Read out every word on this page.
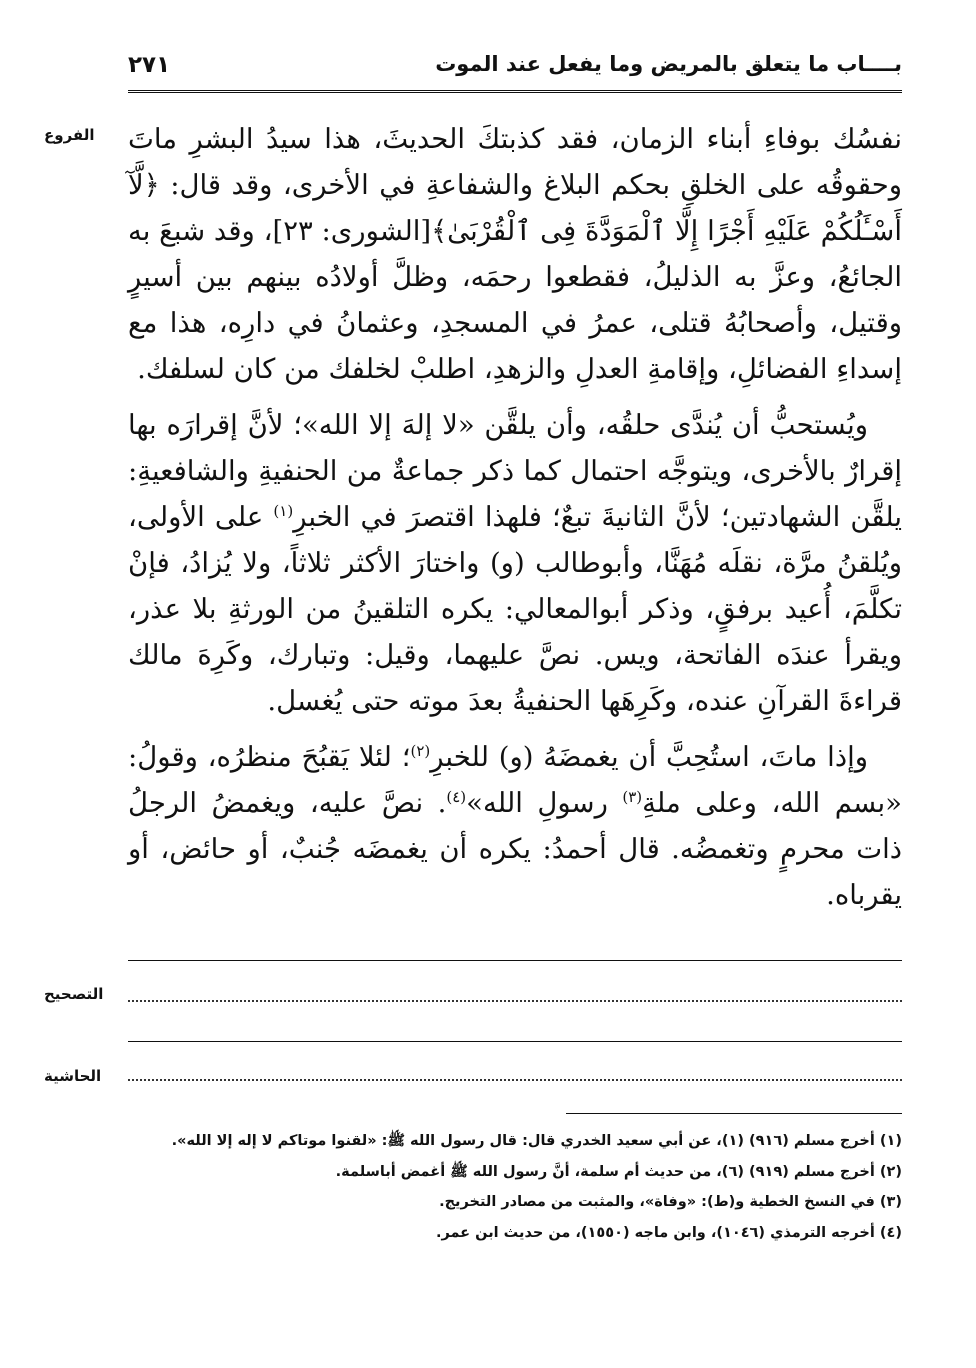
بــــاب ما يتعلق بالمريض وما يفعل عند الموت
٢٧١
الفروع	نفسُك بوفاءِ أبناء الزمان، فقد كذبتكَ الحديثَ، هذا سيدُ البشرِ ماتَ وحقوقُه على الخلقِ بحكم البلاغ والشفاعةِ في الأخرى، وقد قال: ﴿لَّآ أَسْـَٔلُكُمْ عَلَيْهِ أَجْرًا إِلَّا ٱلْمَوَدَّةَ فِى ٱلْقُرْبَىٰ﴾[الشورى: ٢٣]، وقد شبعَ به الجائعُ، وعزَّ به الذليلُ، فقطعوا رحمَه، وظلَّ أولادُه بينهم بين أسيرٍ وقتيل، وأصحابُهُ قتلى، عمرُ في المسجدِ، وعثمانُ في دارِه، هذا مع إسداءِ الفضائلِ، وإقامةِ العدلِ والزهدِ، اطلبْ لخلفك من كان لسلفك.

ويُستحبُّ أن يُندَّى حلقُه، وأن يلقَّن «لا إلهَ إلا الله»؛ لأنَّ إقرارَه بها إقرارٌ بالأخرى، ويتوجَّه احتمال كما ذكر جماعةٌ من الحنفيةِ والشافعيةِ: يلقَّن الشهادتين؛ لأنَّ الثانيةَ تبعٌ؛ فلهذا اقتصرَ في الخبرِ$^{(١)}$ على الأولى، ويُلقنُ مرَّة، نقلَه مُهَنَّا، وأبوطالب (و) واختارَ الأكثر ثلاثاً، ولا يُزادُ، فإنْ تكلَّمَ، أُعيد برفقٍ، وذكر أبوالمعالي: يكره التلقينُ من الورثةِ بلا عذر، ويقرأ عندَه الفاتحة، ويس. نصَّ عليهما، وقيل: وتبارك، وكَرِهَ مالك قراءةَ القرآنِ عنده، وكَرِهَها الحنفيةُ بعدَ موته حتى يُغسل.

وإذا ماتَ، استُحِبَّ أن يغمضَهُ (و) للخبرِ$^{(٢)}$؛ لئلا يَقبُحَ منظرُه، وقولُ: «بسم الله، وعلى ملةِ$^{(٣)}$ رسولِ الله»$^{(٤)}$. نصَّ عليه، ويغمضُ الرجلُ ذات محرمٍ وتغمضُه. قال أحمدُ: يكره أن يغمضَه جُنبٌ، أو حائض، أو يقرباه.

التصحيح
الحاشية
(١) أخرج مسلم (٩١٦) (١)، عن أبي سعيد الخدري قال: قال رسول الله ﷺ: «لقنوا موتاكم لا إله إلا الله».
(٢) أخرج مسلم (٩١٩) (٦)، من حديث أم سلمة، أنَّ رسول الله ﷺ أغمض أباسلمة.
(٣) في النسخ الخطية و(ط): «وفاة»، والمثبت من مصادر التخريج.
(٤) أخرجه الترمذي (١٠٤٦)، وابن ماجه (١٥٥٠)، من حديث ابن عمر.
